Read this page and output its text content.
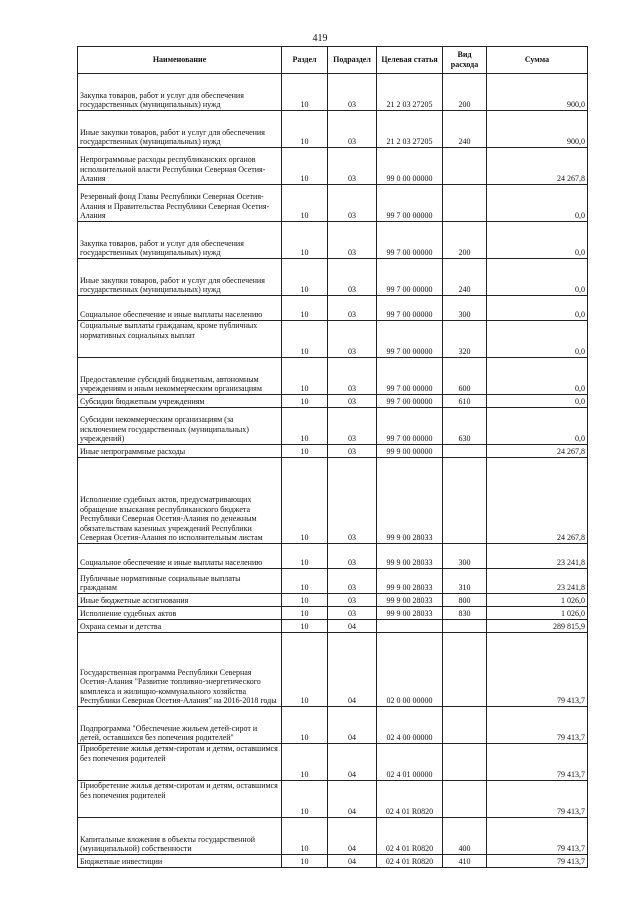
419
Наименование	Раздел	Подраздел	Целевая статья	Вид расхода	Сумма
Закупка товаров, работ и услуг для обеспечения государственных (муниципальных) нужд	10	03	21 2 03 27205	200	900,0
Иные закупки товаров, работ и услуг для обеспечения государственных (муниципальных) нужд	10	03	21 2 03 27205	240	900,0
Непрограммные расходы республиканских органов исполнительной власти Республики Северная Осетия-Алания	10	03	99 0 00 00000		24 267,8
Резервный фонд Главы Республики Северная Осетия-Алания и Правительства Республики Северная Осетия-Алания	10	03	99 7 00 00000		0,0
Закупка товаров, работ и услуг для обеспечения государственных (муниципальных) нужд	10	03	99 7 00 00000	200	0,0
Иные закупки товаров, работ и услуг для обеспечения государственных (муниципальных) нужд	10	03	99 7 00 00000	240	0,0
Социальное обеспечение и иные выплаты населению	10	03	99 7 00 00000	300	0,0
Социальные выплаты гражданам, кроме публичных нормативных социальных выплат	10	03	99 7 00 00000	320	0,0
Предоставление субсидий бюджетным, автономным учреждениям и иным некоммерческим организациям	10	03	99 7 00 00000	600	0,0
Субсидии бюджетным учреждениям	10	03	99 7 00 00000	610	0,0
Субсидии некоммерческим организациям (за исключением государственных (муниципальных) учреждений)	10	03	99 7 00 00000	630	0,0
Иные непрограммные расходы	10	03	99 9 00 00000		24 267,8
Исполнение судебных актов, предусматривающих обращение взыскания республиканского бюджета Республики Северная Осетия-Алания по денежным обязательствам казенных учреждений Республики Северная Осетия-Алания по исполнительным листам	10	03	99 9 00 28033		24 267,8
Социальное обеспечение и иные выплаты населению	10	03	99 9 00 28033	300	23 241,8
Публичные нормативные социальные выплаты гражданам	10	03	99 9 00 28033	310	23 241,8
Иные бюджетные ассигнования	10	03	99 9 00 28033	800	1 026,0
Исполнение судебных актов	10	03	99 9 00 28033	830	1 026,0
Охрана семьи и детства	10	04			289 815,9
Государственная программа Республики Северная Осетия-Алания "Развитие топливно-энергетического комплекса и жилищно-коммунального хозяйства Республики Северная Осетия-Алания" на 2016-2018 годы	10	04	02 0 00 00000		79 413,7
Подпрограмма "Обеспечение жильем детей-сирот и детей, оставшихся без попечения родителей"	10	04	02 4 00 00000		79 413,7
Приобретение жилья детям-сиротам и детям, оставшимся без попечения родителей	10	04	02 4 01 00000		79 413,7
Приобретение жилья детям-сиротам и детям, оставшимся без попечения родителей	10	04	02 4 01 R0820		79 413,7
Капитальные вложения в объекты государственной (муниципальной) собственности	10	04	02 4 01 R0820	400	79 413,7
Бюджетные инвестиции	10	04	02 4 01 R0820	410	79 413,7
